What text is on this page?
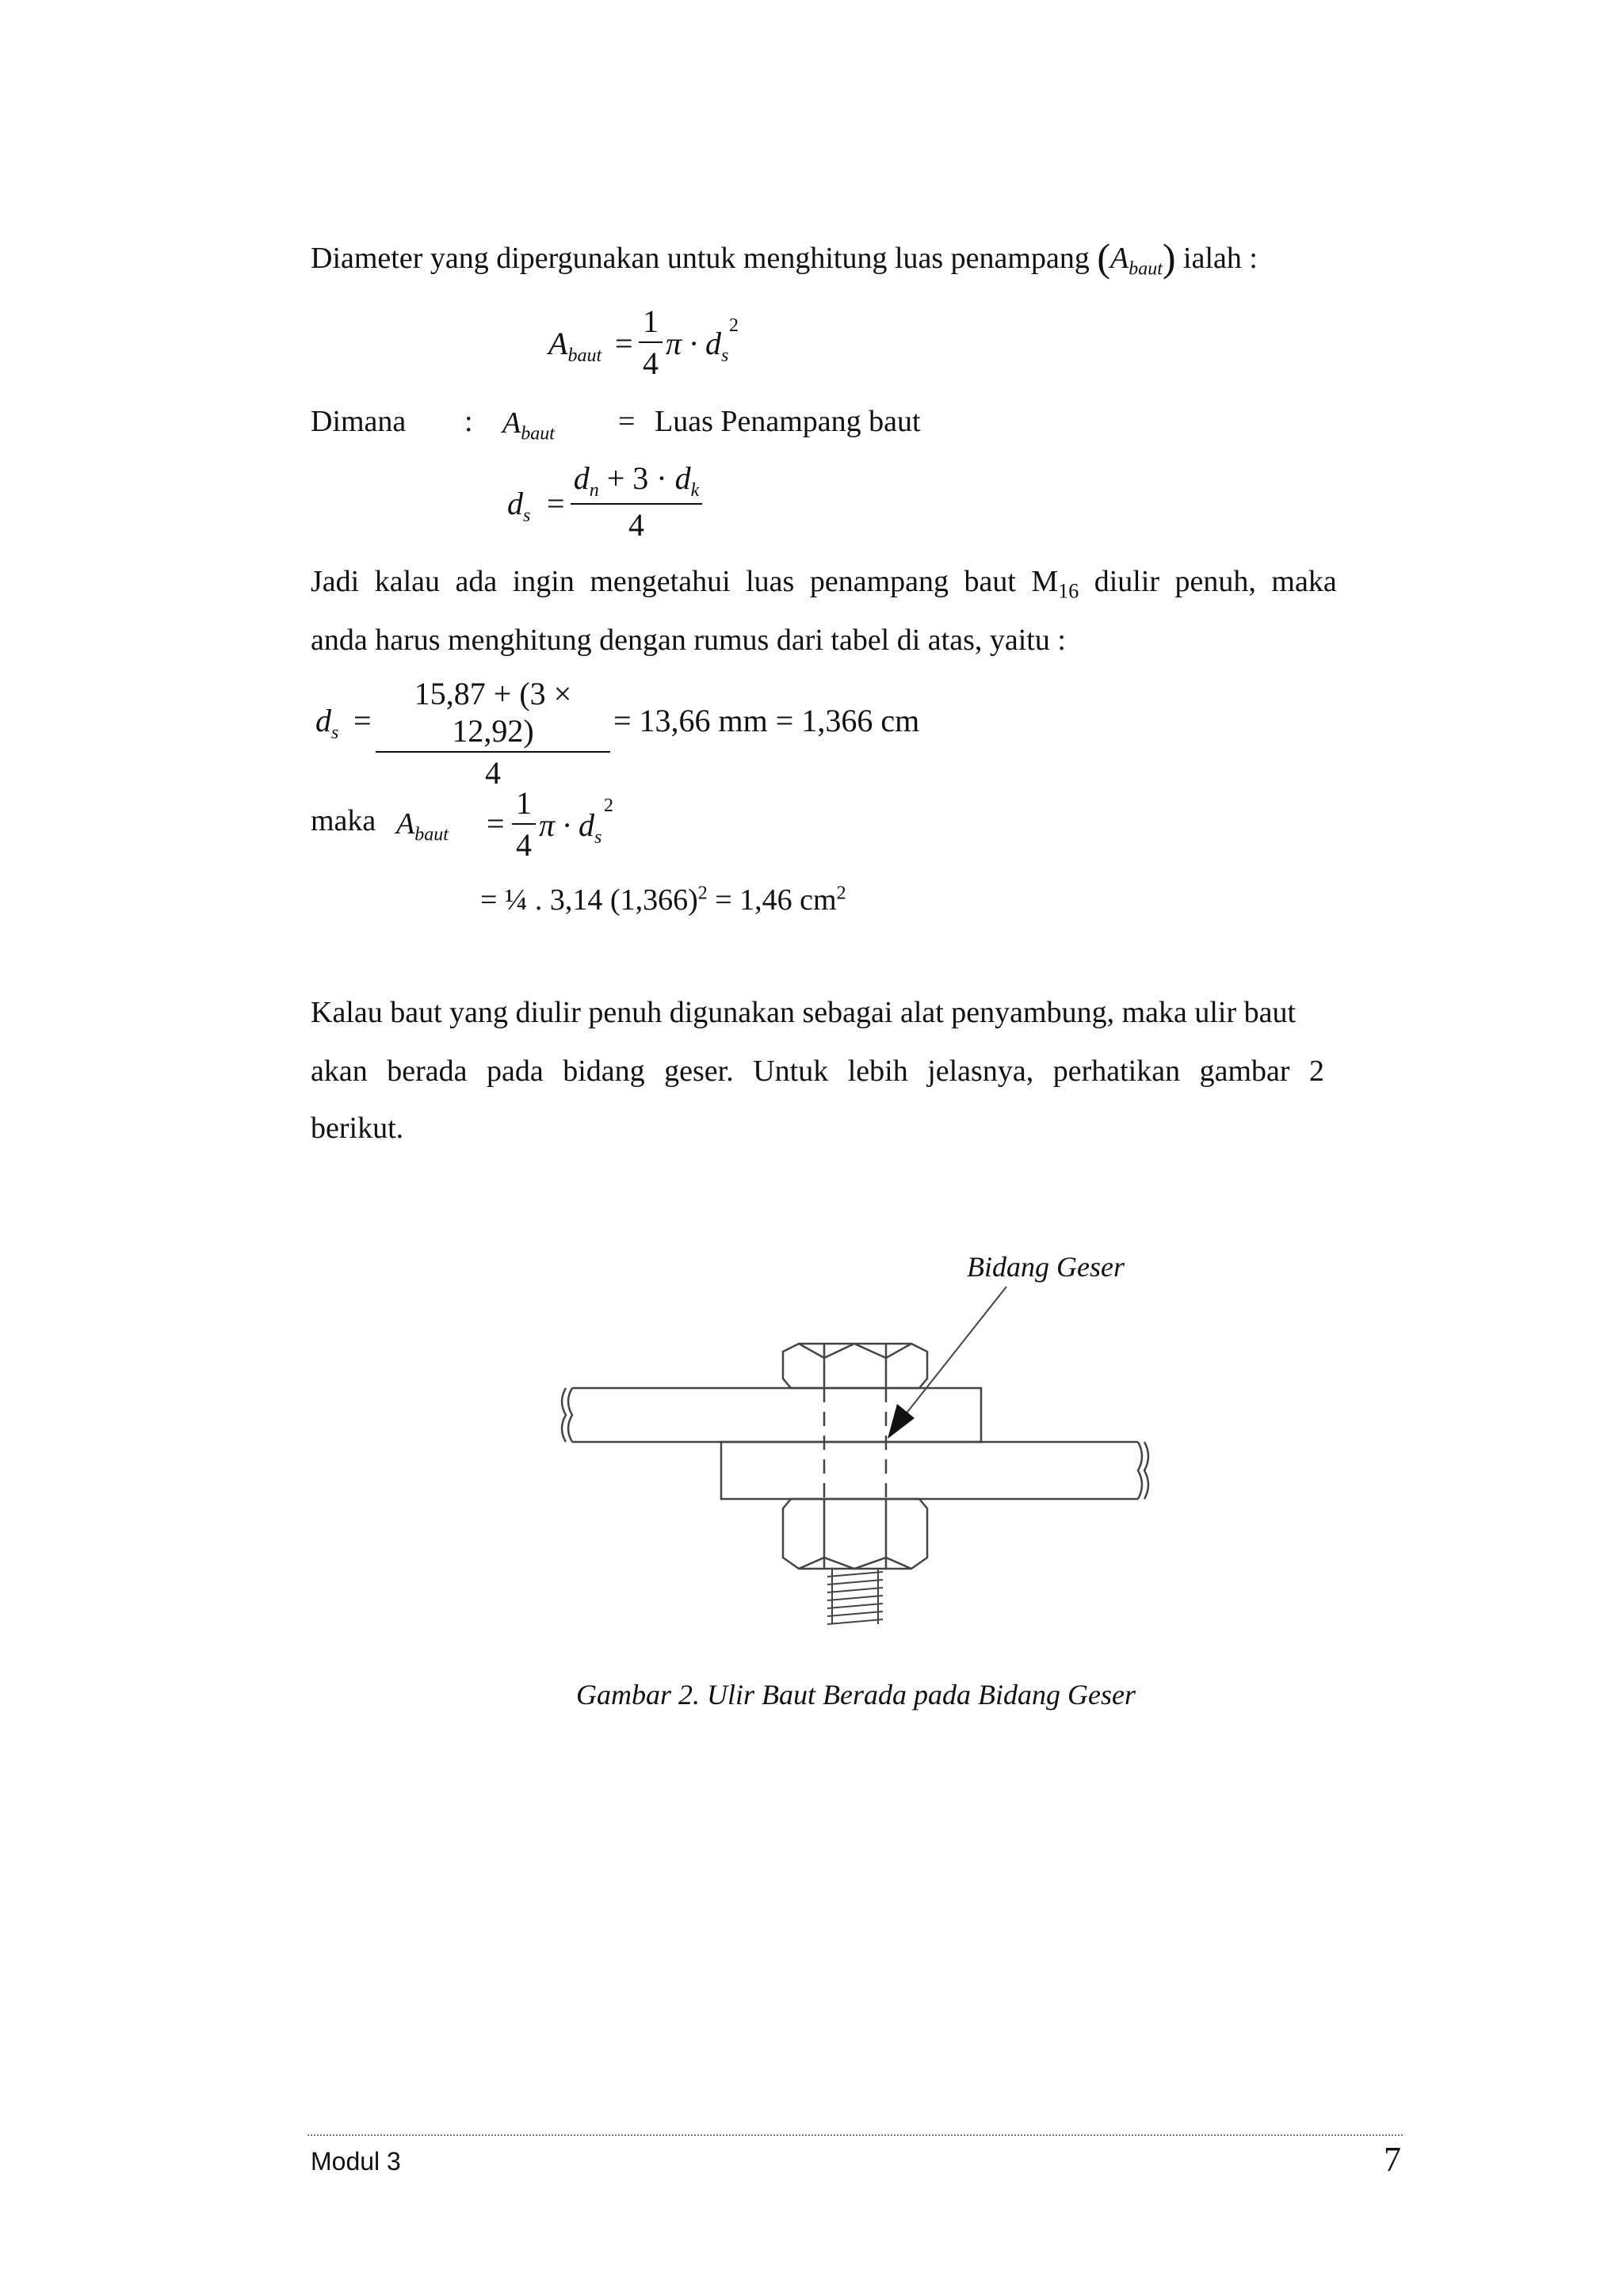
Diameter yang dipergunakan untuk menghitung luas penampang $(A_{baut})$ ialah :
$A_{baut}$ =
1
4
$\pi \cdot d_s$
2
Dimana : $A_{baut}$ = Luas Penampang baut
$d_s$ =
$d_n + 3 \cdot d_k$
4
Jadi kalau ada ingin mengetahui luas penampang baut $M_{16}$ diulir penuh, maka
anda harus menghitung dengan rumus dari tabel di atas, yaitu :
$d_s$ =
15,87 + (3 × 12,92)
4
= 13,66 mm = 1,366 cm
maka $A_{baut}$ =
1
4
$\pi \cdot d_s$
2
= ¼ . 3,14 $(1,366)^2 = 1,46$ $cm^2$
Kalau baut yang diulir penuh digunakan sebagai alat penyambung, maka ulir baut
akan berada pada bidang geser. Untuk lebih jelasnya, perhatikan gambar 2
berikut.
Bidang Geser
Gambar 2. Ulir Baut Berada pada Bidang Geser
Modul 3	7
